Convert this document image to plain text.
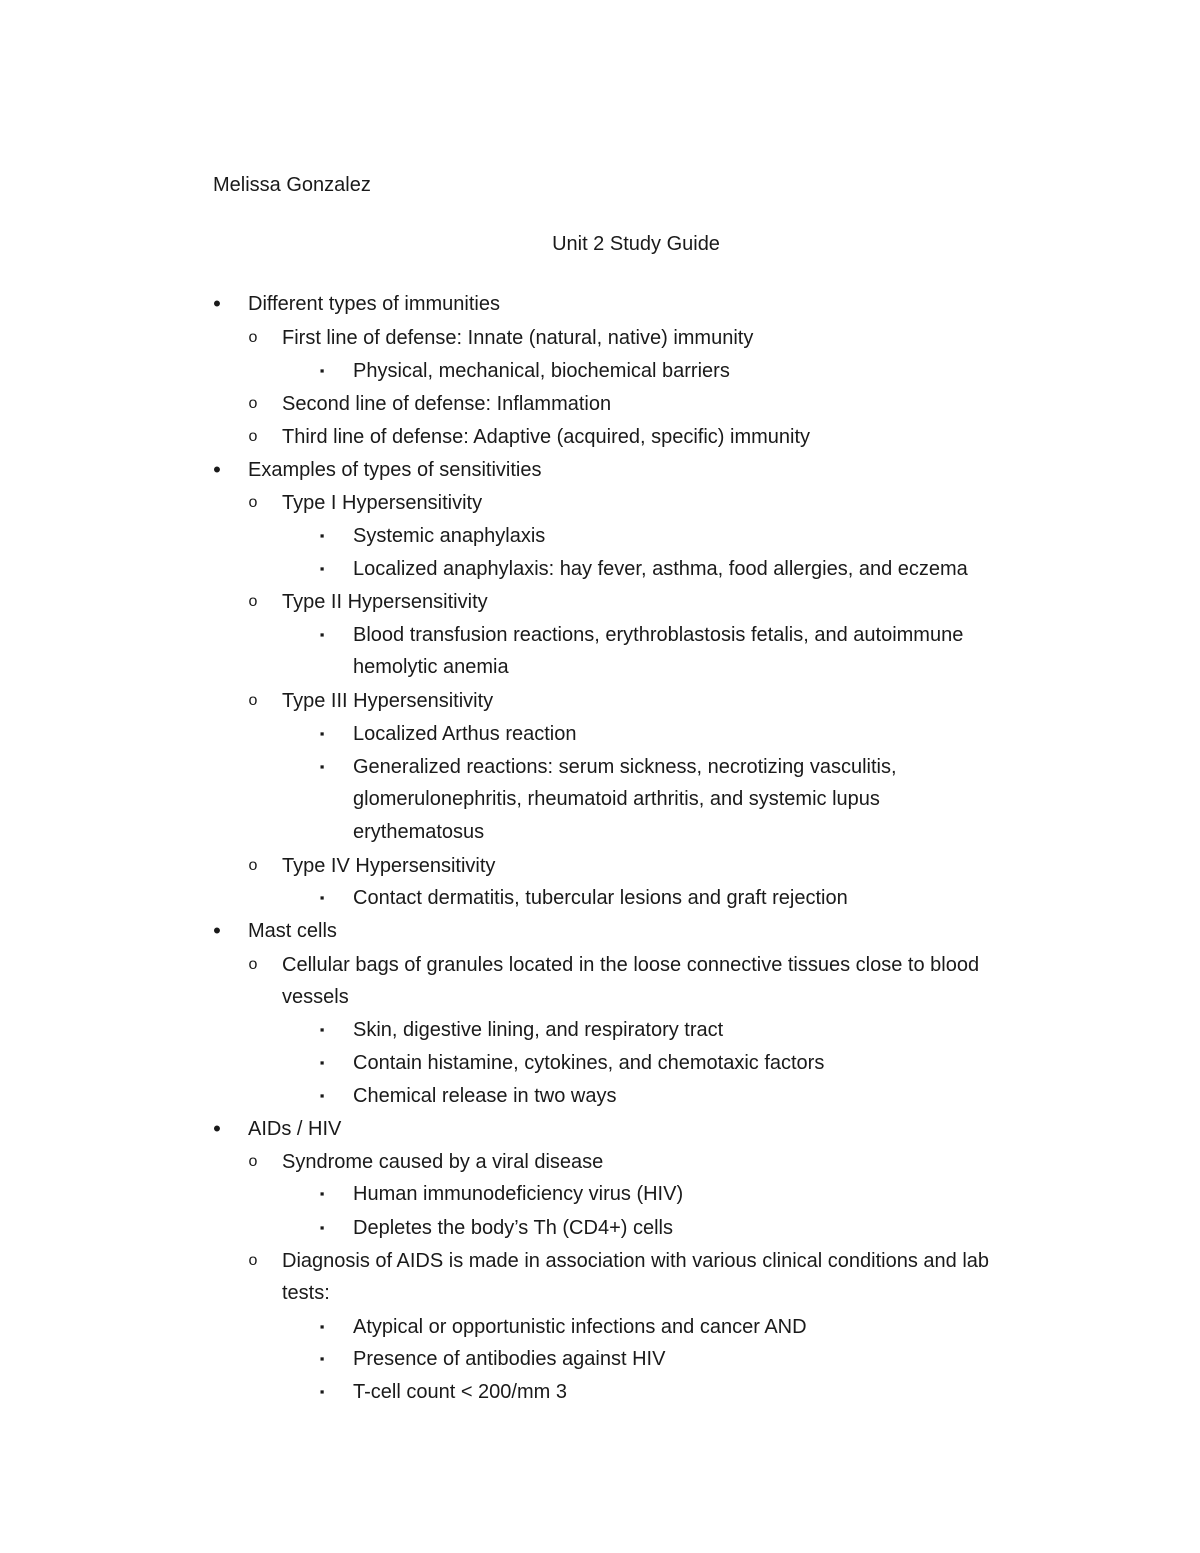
Melissa Gonzalez
Unit 2 Study Guide
•	Different types of immunities
o First line of defense: Innate (natural, native) immunity
▪	Physical, mechanical, biochemical barriers
o Second line of defense: Inflammation
o Third line of defense: Adaptive (acquired, specific) immunity
•	Examples of types of sensitivities
o Type I Hypersensitivity
▪	Systemic anaphylaxis
▪	Localized anaphylaxis: hay fever, asthma, food allergies, and eczema
o Type II Hypersensitivity
▪	Blood transfusion reactions, erythroblastosis fetalis, and autoimmune
hemolytic anemia
o Type III Hypersensitivity
▪	Localized Arthus reaction
▪	Generalized reactions: serum sickness, necrotizing vasculitis,
glomerulonephritis, rheumatoid arthritis, and systemic lupus
erythematosus
o Type IV Hypersensitivity
▪	Contact dermatitis, tubercular lesions and graft rejection
•	Mast cells
o Cellular bags of granules located in the loose connective tissues close to blood
vessels
▪	Skin, digestive lining, and respiratory tract
▪	Contain histamine, cytokines, and chemotaxic factors
▪	Chemical release in two ways
•	AIDs / HIV
o Syndrome caused by a viral disease
▪	Human immunodeficiency virus (HIV)
▪	Depletes the body’s Th (CD4+) cells
o Diagnosis of AIDS is made in association with various clinical conditions and lab
tests:
▪	Atypical or opportunistic infections and cancer AND
▪	Presence of antibodies against HIV
▪	T-cell count < 200/mm 3
